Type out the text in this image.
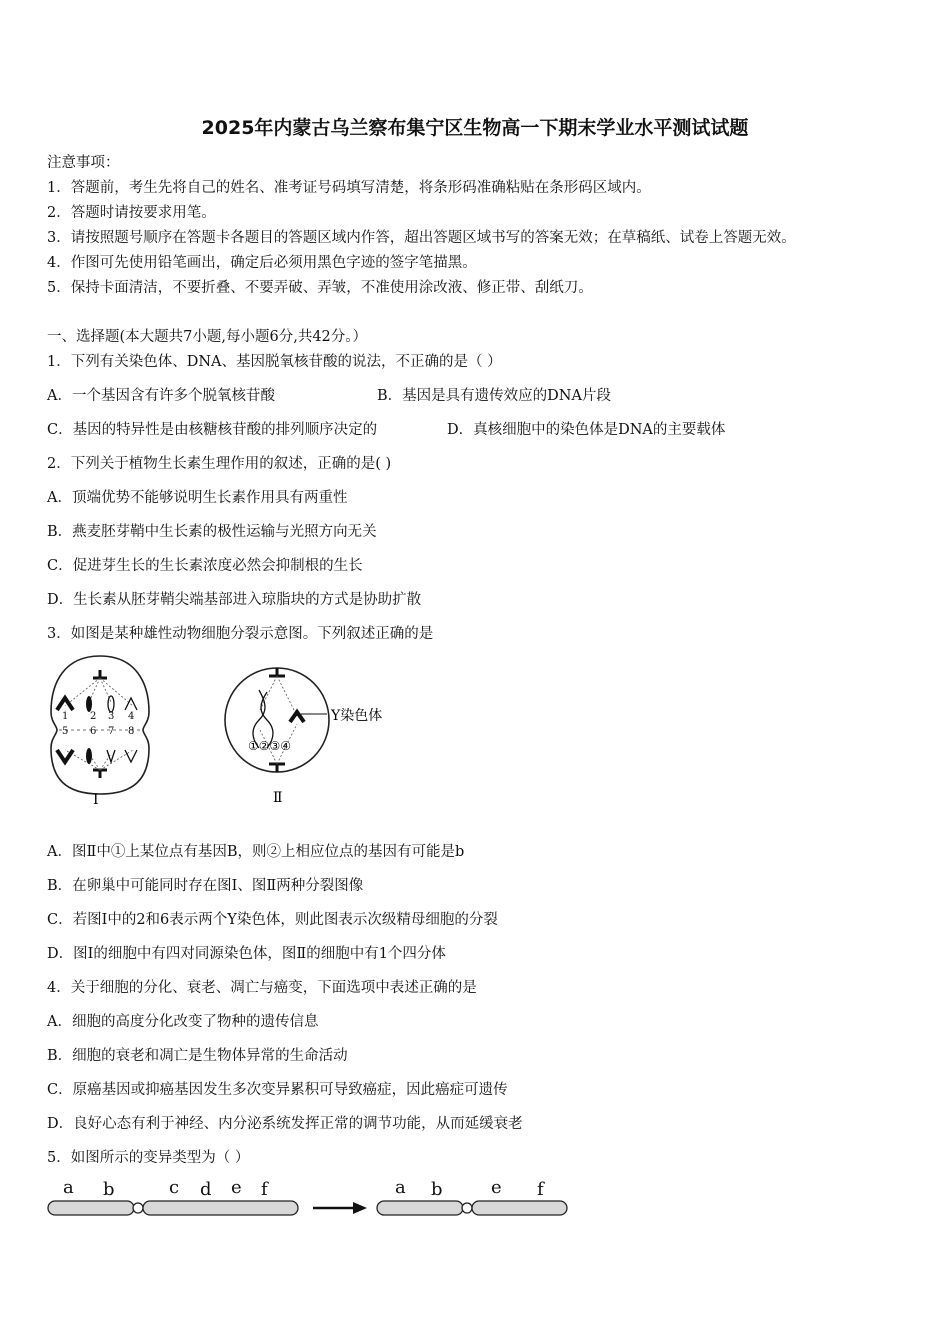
2025年内蒙古乌兰察布集宁区生物高一下期末学业水平测试试题
注意事项：
1．答题前，考生先将自己的姓名、准考证号码填写清楚，将条形码准确粘贴在条形码区域内。
2．答题时请按要求用笔。
3．请按照题号顺序在答题卡各题目的答题区域内作答，超出答题区域书写的答案无效；在草稿纸、试卷上答题无效。
4．作图可先使用铅笔画出，确定后必须用黑色字迹的签字笔描黑。
5．保持卡面清洁，不要折叠、不要弄破、弄皱，不准使用涂改液、修正带、刮纸刀。
一、选择题(本大题共7小题,每小题6分,共42分。）
1．下列有关染色体、DNA、基因脱氧核苷酸的说法，不正确的是（ ）
A．一个基因含有许多个脱氧核苷酸	B．基因是具有遗传效应的DNA片段
C．基因的特异性是由核糖核苷酸的排列顺序决定的	D．真核细胞中的染色体是DNA的主要载体
2．下列关于植物生长素生理作用的叙述，正确的是( )
A．顶端优势不能够说明生长素作用具有两重性
B．燕麦胚芽鞘中生长素的极性运输与光照方向无关
C．促进芽生长的生长素浓度必然会抑制根的生长
D．生长素从胚芽鞘尖端基部进入琼脂块的方式是协助扩散
3．如图是某种雄性动物细胞分裂示意图。下列叙述正确的是
1 2 3 4
5 6 7 8
Ⅰ
Y染色体
①②③④
Ⅱ
A．图Ⅱ中①上某位点有基因B，则②上相应位点的基因有可能是b
B．在卵巢中可能同时存在图Ⅰ、图Ⅱ两种分裂图像
C．若图Ⅰ中的2和6表示两个Y染色体，则此图表示次级精母细胞的分裂
D．图Ⅰ的细胞中有四对同源染色体，图Ⅱ的细胞中有1个四分体
4．关于细胞的分化、衰老、凋亡与癌变，下面选项中表述正确的是
A．细胞的高度分化改变了物种的遗传信息
B．细胞的衰老和凋亡是生物体异常的生命活动
C．原癌基因或抑癌基因发生多次变异累积可导致癌症，因此癌症可遗传
D．良好心态有利于神经、内分泌系统发挥正常的调节功能，从而延缓衰老
5．如图所示的变异类型为（ ）
a b	c d e f	a b	e f
